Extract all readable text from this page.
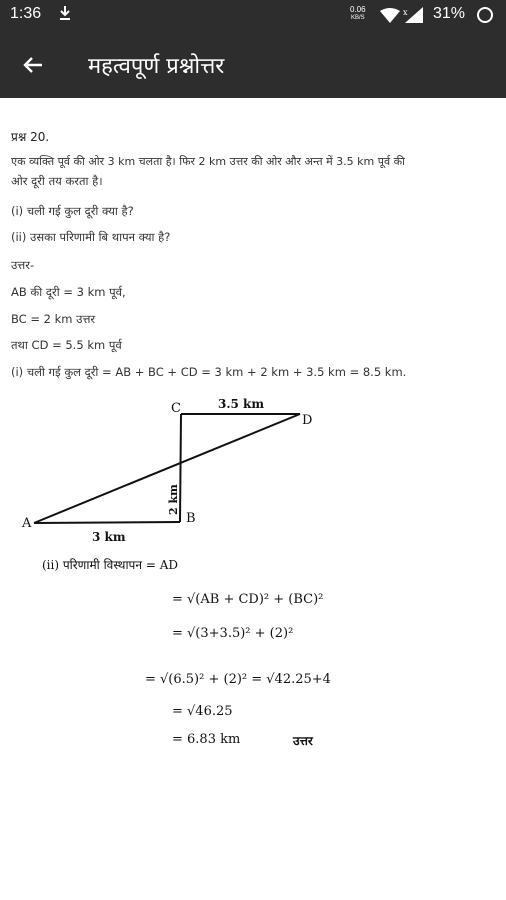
1:36	0.06
KB/S
x 31%
महत्वपूर्ण प्रश्नोत्तर
प्रश्न 20.
एक व्यक्ति पूर्व की ओर 3 km चलता है। फिर 2 km उत्तर की ओर और अन्त में 3.5 km पूर्व की
ओर दूरी तय करता है।
(i) चली गई कुल दूरी क्या है?
(ii) उसका परिणामी बि थापन क्या है?
उत्तर-
AB की दूरी = 3 km पूर्व,
BC = 2 km उत्तर
तथा CD = 5.5 km पूर्व
(i) चली गई कुल दूरी = AB + BC + CD = 3 km + 2 km + 3.5 km = 8.5 km.
A	B
C
D
3 km
3.5 km
2 km
(ii) परिणामी विस्थापन = AD
= √(AB + CD)² + (BC)²
= √(3+3.5)² + (2)²
= √(6.5)² + (2)² = √42.25+4
= √46.25
= 6.83 km	उत्तर
